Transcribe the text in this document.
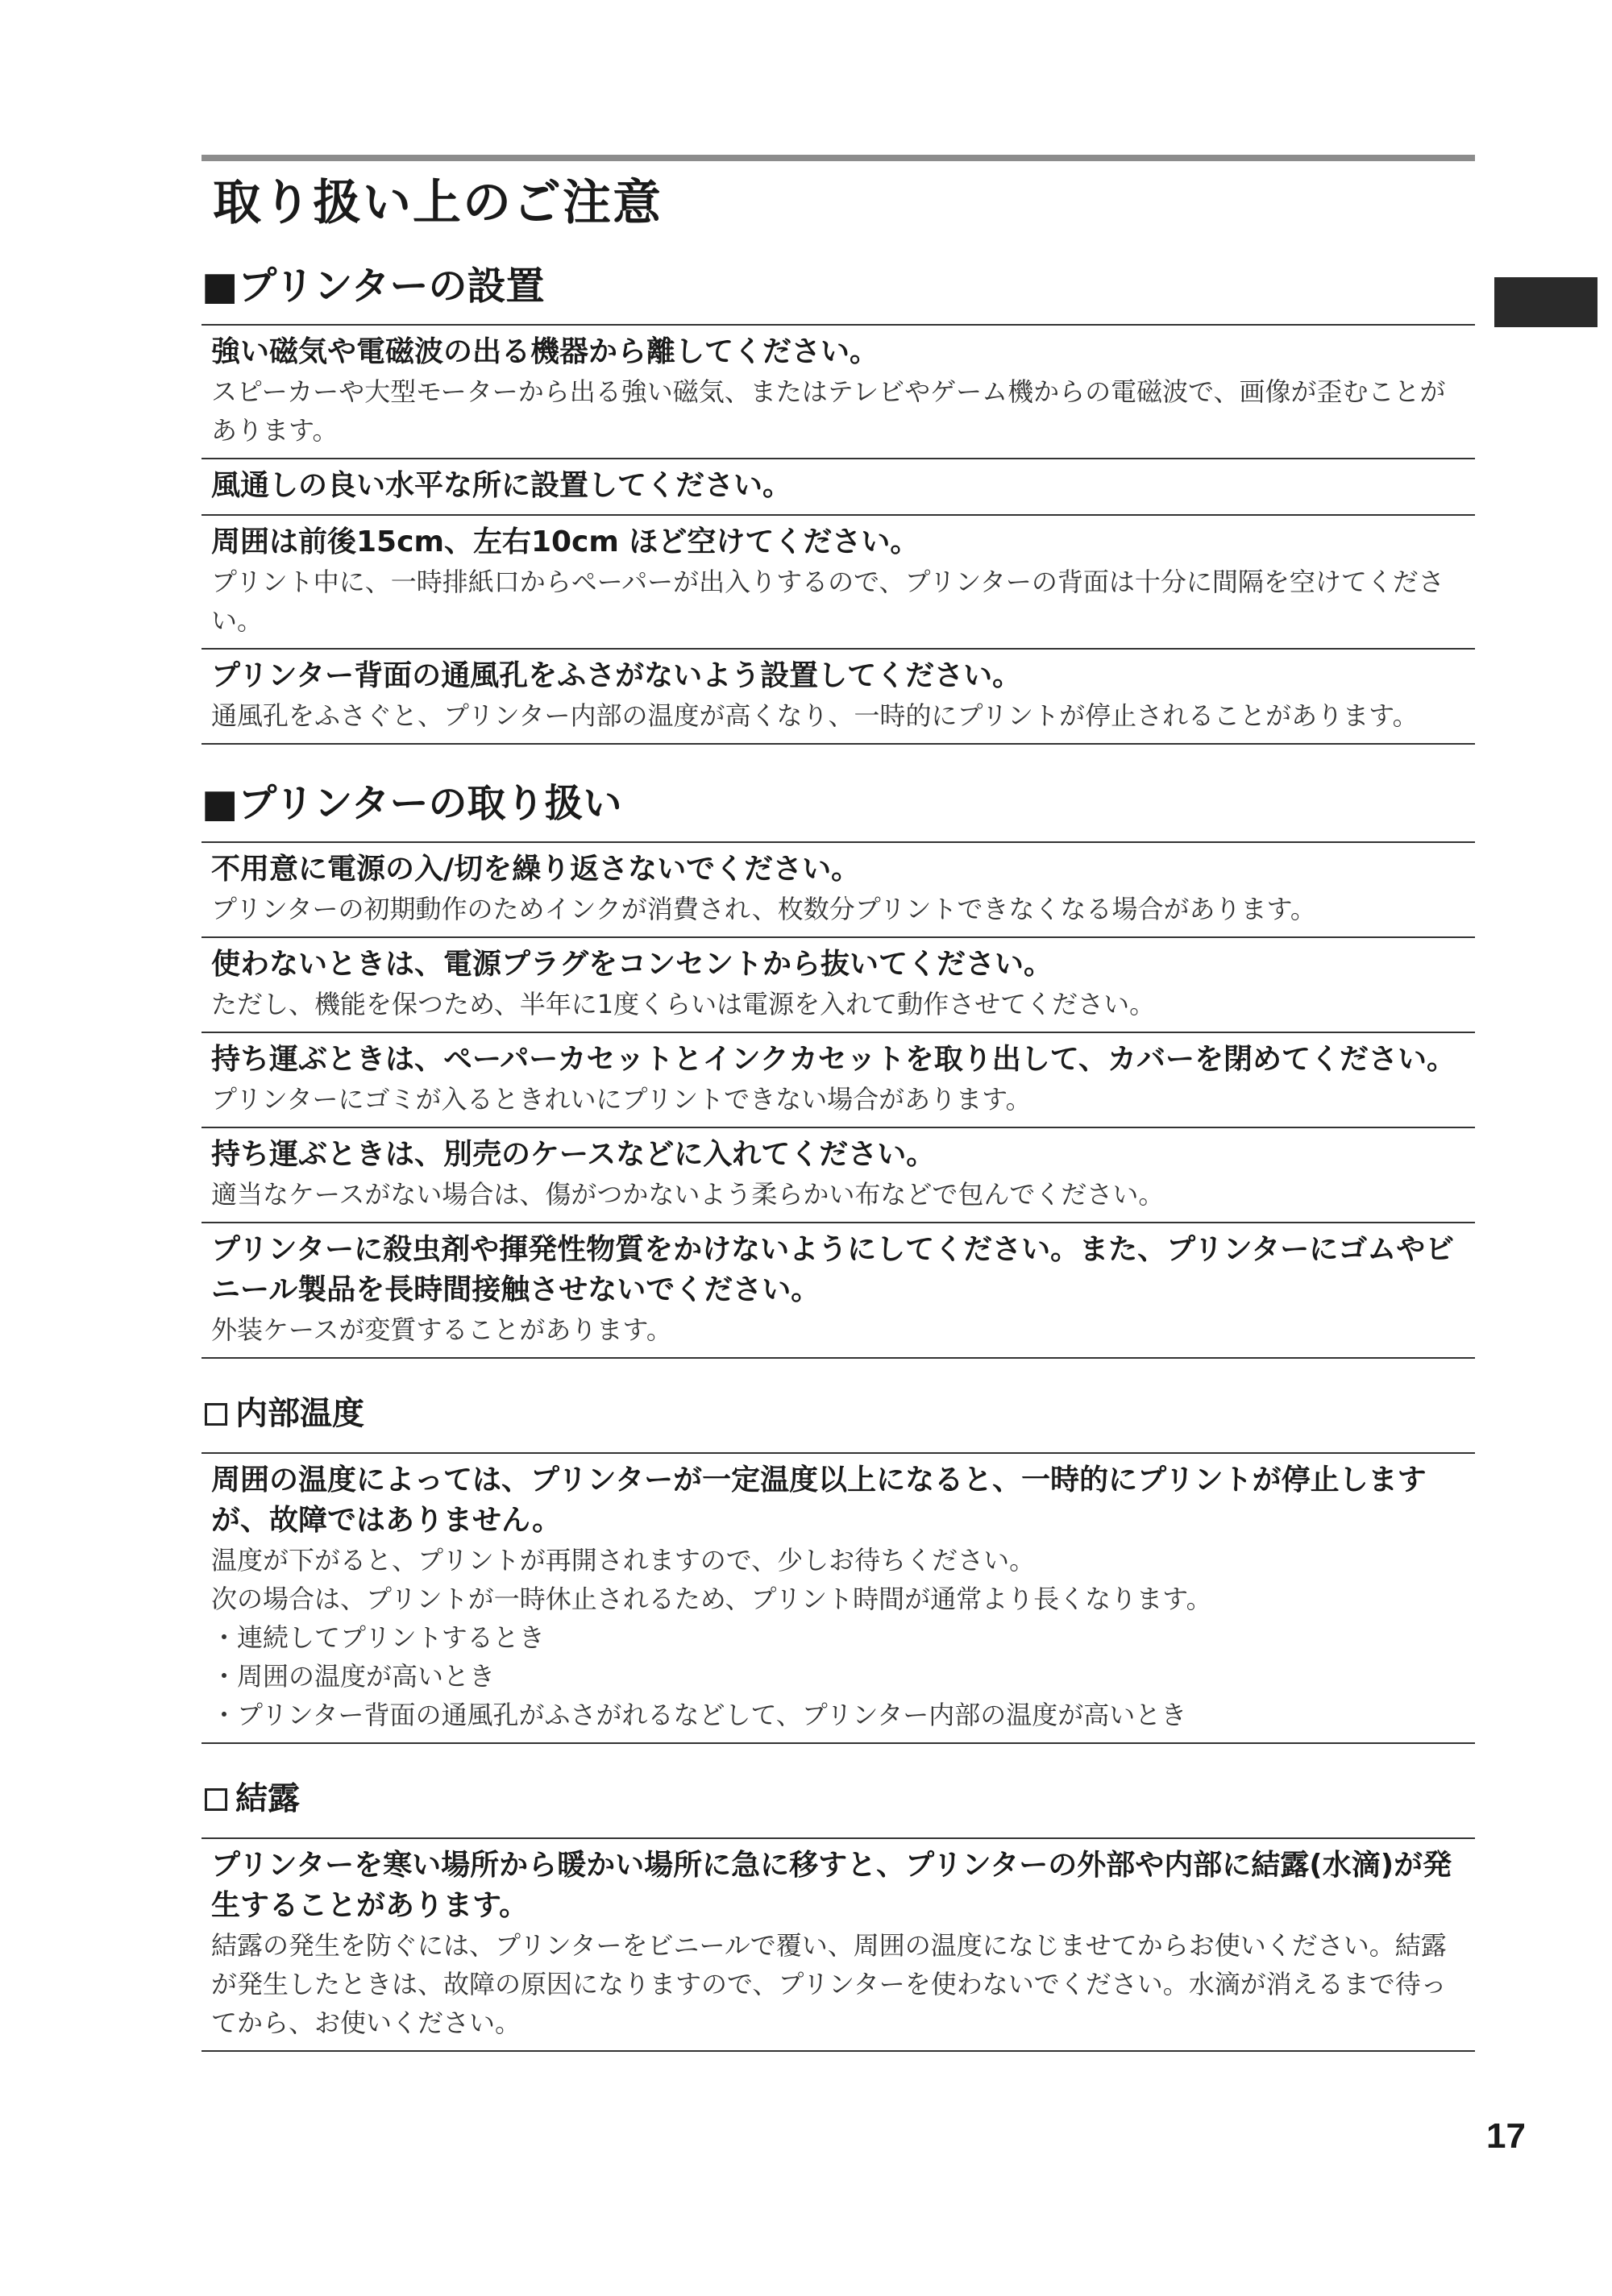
取り扱い上のご注意
■プリンターの設置
強い磁気や電磁波の出る機器から離してください。
スピーカーや大型モーターから出る強い磁気、またはテレビやゲーム機からの電磁波で、画像が歪むことがあります。
風通しの良い水平な所に設置してください。
周囲は前後15cm、左右10cm ほど空けてください。
プリント中に、一時排紙口からペーパーが出入りするので、プリンターの背面は十分に間隔を空けてください。
プリンター背面の通風孔をふさがないよう設置してください。
通風孔をふさぐと、プリンター内部の温度が高くなり、一時的にプリントが停止されることがあります。
■プリンターの取り扱い
不用意に電源の入/切を繰り返さないでください。
プリンターの初期動作のためインクが消費され、枚数分プリントできなくなる場合があります。
使わないときは、電源プラグをコンセントから抜いてください。
ただし、機能を保つため、半年に1度くらいは電源を入れて動作させてください。
持ち運ぶときは、ペーパーカセットとインクカセットを取り出して、カバーを閉めてください。
プリンターにゴミが入るときれいにプリントできない場合があります。
持ち運ぶときは、別売のケースなどに入れてください。
適当なケースがない場合は、傷がつかないよう柔らかい布などで包んでください。
プリンターに殺虫剤や揮発性物質をかけないようにしてください。また、プリンターにゴムやビニール製品を長時間接触させないでください。
外装ケースが変質することがあります。
内部温度
周囲の温度によっては、プリンターが一定温度以上になると、一時的にプリントが停止しますが、故障ではありません。
温度が下がると、プリントが再開されますので、少しお待ちください。
次の場合は、プリントが一時休止されるため、プリント時間が通常より長くなります。
・連続してプリントするとき
・周囲の温度が高いとき
・プリンター背面の通風孔がふさがれるなどして、プリンター内部の温度が高いとき
結露
プリンターを寒い場所から暖かい場所に急に移すと、プリンターの外部や内部に結露(水滴)が発生することがあります。
結露の発生を防ぐには、プリンターをビニールで覆い、周囲の温度になじませてからお使いください。結露が発生したときは、故障の原因になりますので、プリンターを使わないでください。水滴が消えるまで待ってから、お使いください。
17
